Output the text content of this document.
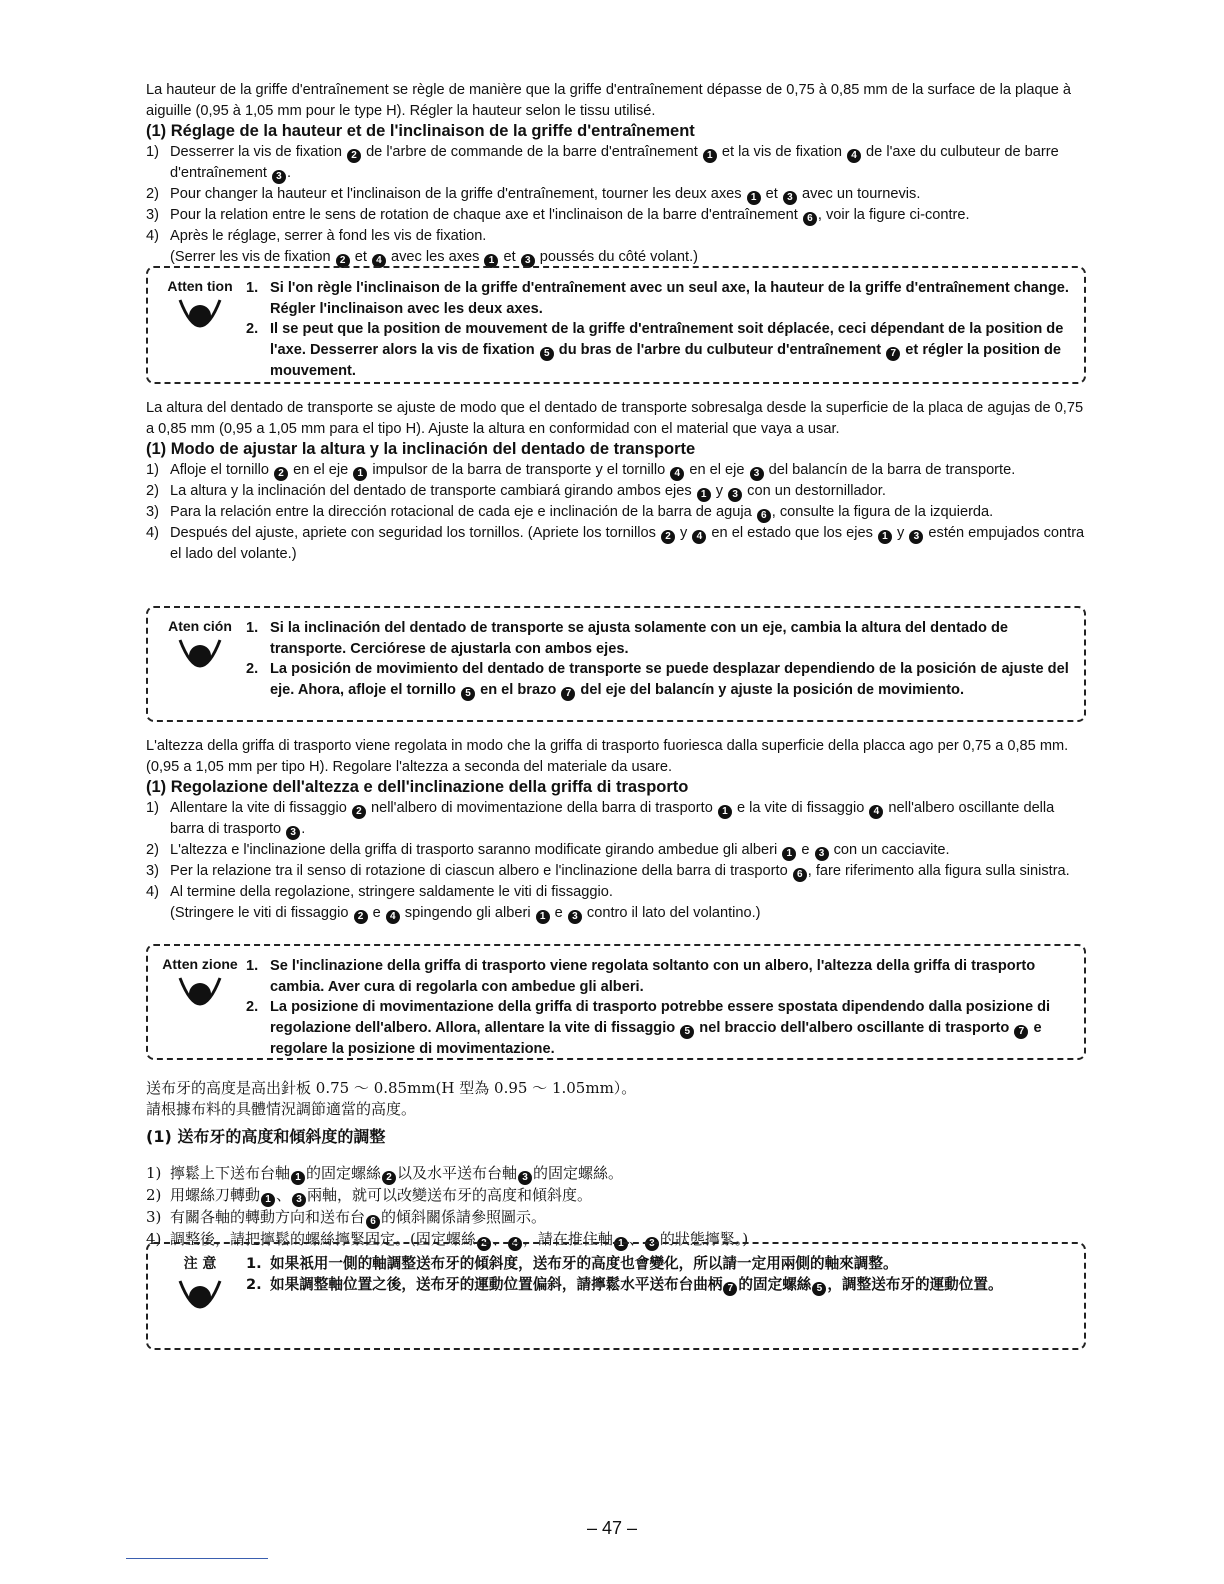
La hauteur de la griffe d'entraînement se règle de manière que la griffe d'entraînement dépasse de 0,75 à 0,85 mm de la surface de la plaque à aiguille (0,95 à 1,05 mm pour le type H). Régler la hauteur selon le tissu utilisé.

(1) Réglage de la hauteur et de l'inclinaison de la griffe d'entraînement

1) Desserrer la vis de fixation 2 de l'arbre de commande de la barre d'entraînement 1 et la vis de fixation 4 de l'axe du culbuteur de barre d'entraînement 3 .
2) Pour changer la hauteur et l'inclinaison de la griffe d'entraînement, tourner les deux axes 1 et 3 avec un tournevis.
3) Pour la relation entre le sens de rotation de chaque axe et l'inclinaison de la barre d'entraînement 6 , voir la figure ci-contre.
4) Après le réglage, serrer à fond les vis de fixation.
(Serrer les vis de fixation 2 et 4 avec les axes 1 et 3 poussés du côté volant.)
Atten tion 1. Si l'on règle l'inclinaison de la griffe d'entraînement avec un seul axe, la hauteur de la griffe d'entraînement change. Régler l'inclinaison avec les deux axes.
2. Il se peut que la position de mouvement de la griffe d'entraînement soit déplacée, ceci dépendant de la position de l'axe. Desserrer alors la vis de fixation 5 du bras de l'arbre du culbuteur d'entraînement 7 et régler la position de mouvement.

La altura del dentado de transporte se ajuste de modo que el dentado de transporte sobresalga desde la superficie de la placa de agujas de 0,75 a 0,85 mm (0,95 a 1,05 mm para el tipo H). Ajuste la altura en conformidad con el material que vaya a usar.

(1) Modo de ajustar la altura y la inclinación del dentado de transporte

1) Afloje el tornillo 2 en el eje 1 impulsor de la barra de transporte y el tornillo 4 en el eje 3 del balancín de la barra de transporte.
2) La altura y la inclinación del dentado de transporte cambiará girando ambos ejes 1 y 3 con un destornillador.
3) Para la relación entre la dirección rotacional de cada eje e inclinación de la barra de aguja 6 , consulte la figura de la izquierda.
4) Después del ajuste, apriete con seguridad los tornillos. (Apriete los tornillos 2 y 4 en el estado que los ejes 1 y 3 estén empujados contra el lado del volante.)
Aten ción 1. Si la inclinación del dentado de transporte se ajusta solamente con un eje, cambia la altura del dentado de transporte. Cerciórese de ajustarla con ambos ejes.
2. La posición de movimiento del dentado de transporte se puede desplazar dependiendo de la posición de ajuste del eje. Ahora, afloje el tornillo 5 en el brazo 7 del eje del balancín y ajuste la posición de movimiento.

L'altezza della griffa di trasporto viene regolata in modo che la griffa di trasporto fuoriesca dalla superficie della placca ago per 0,75 a 0,85 mm. (0,95 a 1,05 mm per tipo H). Regolare l'altezza a seconda del materiale da usare.

(1) Regolazione dell'altezza e dell'inclinazione della griffa di trasporto

1) Allentare la vite di fissaggio 2 nell'albero di movimentazione della barra di trasporto 1 e la vite di fissaggio 4 nell'albero oscillante della barra di trasporto 3 .
2) L'altezza e l'inclinazione della griffa di trasporto saranno modificate girando ambedue gli alberi 1 e 3 con un cacciavite.
3) Per la relazione tra il senso di rotazione di ciascun albero e l'inclinazione della barra di trasporto 6 , fare riferimento alla figura sulla sinistra.
4) Al termine della regolazione, stringere saldamente le viti di fissaggio.
(Stringere le viti di fissaggio 2 e 4 spingendo gli alberi 1 e 3 contro il lato del volantino.)
Atten zione 1. Se l'inclinazione della griffa di trasporto viene regolata soltanto con un albero, l'altezza della griffa di trasporto cambia. Aver cura di regolarla con ambedue gli alberi.
2. La posizione di movimentazione della griffa di trasporto potrebbe essere spostata dipendendo dalla posizione di regolazione dell'albero. Allora, allentare la vite di fissaggio 5 nel braccio dell'albero oscillante di trasporto 7 e regolare la posizione di movimentazione.

送布牙的高度是高出針板 0.75 ～ 0.85mm(H 型為 0.95 ～ 1.05mm）。

請根據布料的具體情況調節適當的高度。

(1) 送布牙的高度和傾斜度的調整

1) 擰鬆上下送布台軸 1 的固定螺絲 2 以及水平送布台軸 3 的固定螺絲。
2) 用螺絲刀轉動 1 、 3 兩軸，就可以改變送布牙的高度和傾斜度。
3) 有關各軸的轉動方向和送布台 6 的傾斜關係請參照圖示。
4) 調整後，請把擰鬆的螺絲擰緊固定。(固定螺絲 2 、 4 ，請在推住軸 1 、 3 的狀態擰緊。)
注 意	1. 如果祇用一側的軸調整送布牙的傾斜度，送布牙的高度也會變化，所以請一定用兩側的軸來調整。
2. 如果調整軸位置之後，送布牙的運動位置偏斜，請擰鬆水平送布台曲柄 7 的固定螺絲 5 ，調整送布牙的運動位置。
– 47 –
